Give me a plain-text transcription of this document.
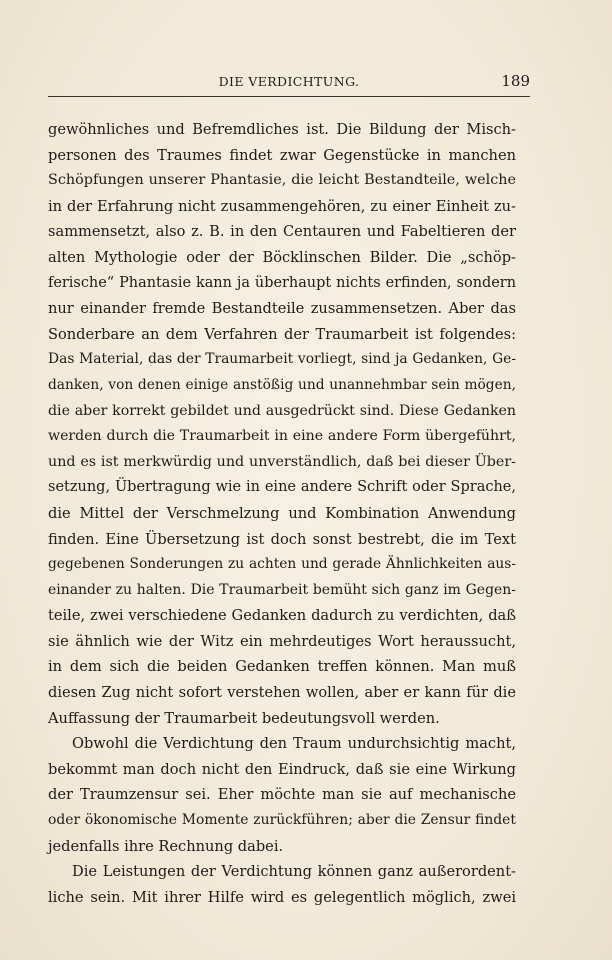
DIE VERDICHTUNG.	189
gewöhnliches und Befremdliches ist. Die Bildung der Misch-
personen des Traumes findet zwar Gegenstücke in manchen
Schöpfungen unserer Phantasie, die leicht Bestandteile, welche
in der Erfahrung nicht zusammengehören, zu einer Einheit zu-
sammensetzt, also z. B. in den Centauren und Fabeltieren der
alten Mythologie oder der Böcklinschen Bilder. Die „schöp-
ferische“ Phantasie kann ja überhaupt nichts erfinden, sondern
nur einander fremde Bestandteile zusammensetzen. Aber das
Sonderbare an dem Verfahren der Traumarbeit ist folgendes:
Das Material, das der Traumarbeit vorliegt, sind ja Gedanken, Ge-
danken, von denen einige anstößig und unannehmbar sein mögen,
die aber korrekt gebildet und ausgedrückt sind. Diese Gedanken
werden durch die Traumarbeit in eine andere Form übergeführt,
und es ist merkwürdig und unverständlich, daß bei dieser Über-
setzung, Übertragung wie in eine andere Schrift oder Sprache,
die Mittel der Verschmelzung und Kombination Anwendung
finden. Eine Übersetzung ist doch sonst bestrebt, die im Text
gegebenen Sonderungen zu achten und gerade Ähnlichkeiten aus-
einander zu halten. Die Traumarbeit bemüht sich ganz im Gegen-
teile, zwei verschiedene Gedanken dadurch zu verdichten, daß
sie ähnlich wie der Witz ein mehrdeutiges Wort heraussucht,
in dem sich die beiden Gedanken treffen können. Man muß
diesen Zug nicht sofort verstehen wollen, aber er kann für die
Auffassung der Traumarbeit bedeutungsvoll werden.
Obwohl die Verdichtung den Traum undurchsichtig macht,
bekommt man doch nicht den Eindruck, daß sie eine Wirkung
der Traumzensur sei. Eher möchte man sie auf mechanische
oder ökonomische Momente zurückführen; aber die Zensur findet
jedenfalls ihre Rechnung dabei.
Die Leistungen der Verdichtung können ganz außerordent-
liche sein. Mit ihrer Hilfe wird es gelegentlich möglich, zwei
